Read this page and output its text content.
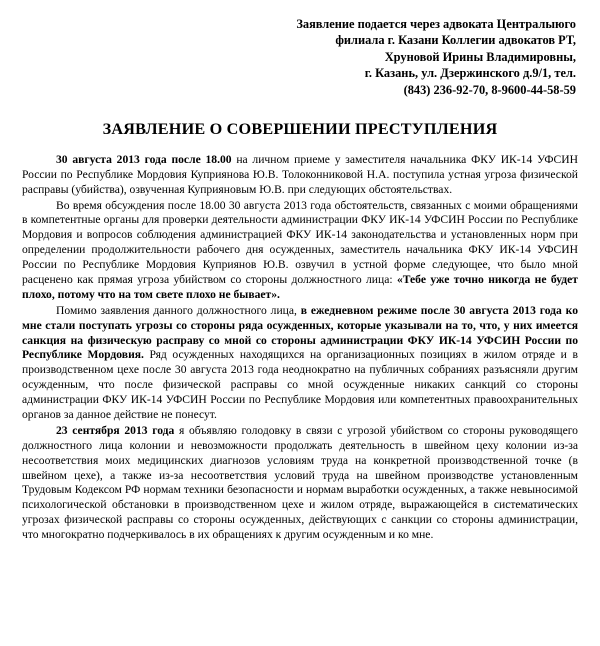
Заявление подается через адвоката Централыюго
филиала г. Казани Коллегии адвокатов РТ,
Хруновой Ирины Владимировны,
г. Казань, ул. Дзержинского д.9/1, тел.
(843) 236-92-70, 8-9600-44-58-59
ЗАЯВЛЕНИЕ О СОВЕРШЕНИИ ПРЕСТУПЛЕНИЯ

30 августа 2013 года после 18.00 на личном приеме у заместителя начальника ФКУ ИК-14 УФСИН России по Республике Мордовия Куприянова Ю.В. Толоконниковой Н.А. поступила устная угроза физической расправы (убийства), озвученная Куприяновым Ю.В. при следующих обстоятельствах.

Во время обсуждения после 18.00 30 августа 2013 года обстоятельств, связанных с моими обращениями в компетентные органы для проверки деятельности администрации ФКУ ИК-14 УФСИН России по Республике Мордовия и вопросов соблюдения администрацией ФКУ ИК-14 законодательства и установленных норм при определении продолжительности рабочего дня осужденных, заместитель начальника ФКУ ИК-14 УФСИН России по Республике Мордовия Куприянов Ю.В. озвучил в устной форме следующее, что было мной расценено как прямая угроза убийством со стороны должностного лица: «Тебе уже точно никогда не будет плохо, потому что на том свете плохо не бывает».

Помимо заявления данного должностного лица, в ежедневном режиме после 30 августа 2013 года ко мне стали поступать угрозы со стороны ряда осужденных, которые указывали на то, что, у них имеется санкция на физическую расправу со мной со стороны администрации ФКУ ИК-14 УФСИН России по Республике Мордовия. Ряд осужденных находящихся на организационных позициях в жилом отряде и в производственном цехе после 30 августа 2013 года неоднократно на публичных собраниях разъясняли другим осужденным, что после физической расправы со мной осужденные никаких санкций со стороны администрации ФКУ ИК-14 УФСИН России по Республике Мордовия или компетентных правоохранительных органов за данное действие не понесут.

23 сентября 2013 года я объявляю голодовку в связи с угрозой убийством со стороны руководящего должностного лица колонии и невозможности продолжать деятельность в швейном цеху колонии из-за несоответствия моих медицинских диагнозов условиям труда на конкретной производственной точке (в швейном цехе), а также из-за несоответствия условий труда на швейном производстве установленным Трудовым Кодексом РФ нормам техники безопасности и нормам выработки осужденных, а также невыносимой психологической обстановки в производственном цехе и жилом отряде, выражающейся в систематических угрозах физической расправы со стороны осужденных, действующих с санкции со стороны администрации, что многократно подчеркивалось в их обращениях к другим осужденным и ко мне.
